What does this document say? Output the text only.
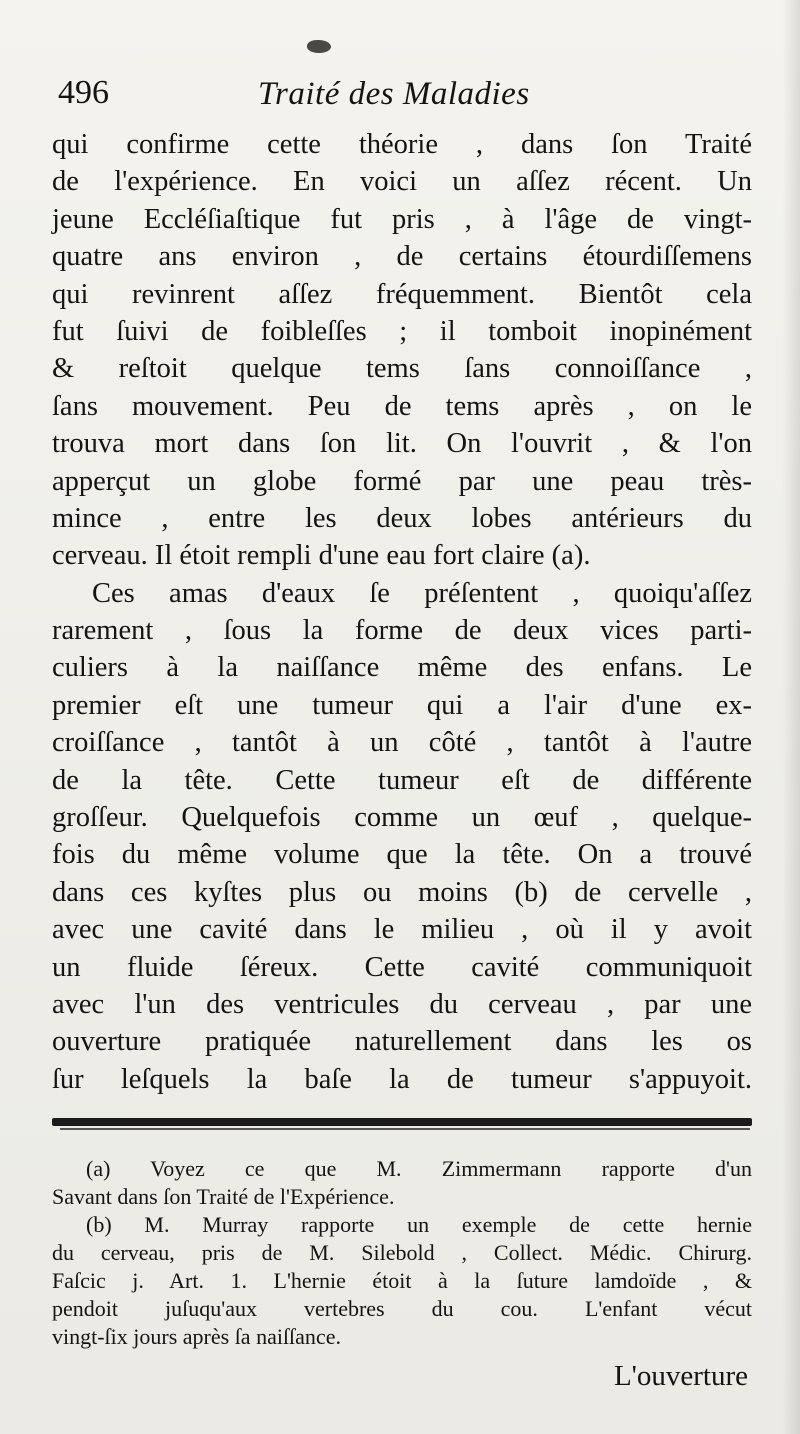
496	Traité des Maladies
qui confirme cette théorie , dans ſon Traité
de l'expérience. En voici un aſſez récent. Un
jeune Eccléſiaſtique fut pris , à l'âge de vingt-
quatre ans environ , de certains étourdiſſemens
qui revinrent aſſez fréquemment. Bientôt cela
fut ſuivi de foibleſſes ; il tomboit inopinément
& reſtoit quelque tems ſans connoiſſance ,
ſans mouvement. Peu de tems après , on le
trouva mort dans ſon lit. On l'ouvrit , & l'on
apperçut un globe formé par une peau très-
mince , entre les deux lobes antérieurs du
cerveau. Il étoit rempli d'une eau fort claire (a).
Ces amas d'eaux ſe préſentent , quoiqu'aſſez
rarement , ſous la forme de deux vices parti-
culiers à la naiſſance même des enfans. Le
premier eſt une tumeur qui a l'air d'une ex-
croiſſance , tantôt à un côté , tantôt à l'autre
de la tête. Cette tumeur eſt de différente
groſſeur. Quelquefois comme un œuf , quelque-
fois du même volume que la tête. On a trouvé
dans ces kyſtes plus ou moins (b) de cervelle ,
avec une cavité dans le milieu , où il y avoit
un fluide ſéreux. Cette cavité communiquoit
avec l'un des ventricules du cerveau , par une
ouverture pratiquée naturellement dans les os
ſur leſquels la baſe la de tumeur s'appuyoit.
(a) Voyez ce que M. Zimmermann rapporte d'un
Savant dans ſon Traité de l'Expérience.
(b) M. Murray rapporte un exemple de cette hernie
du cerveau, pris de M. Silebold , Collect. Médic. Chirurg.
Faſcic j. Art. 1. L'hernie étoit à la ſuture lamdoïde , &
pendoit juſuqu'aux vertebres du cou. L'enfant vécut
vingt-ſix jours après ſa naiſſance.
L'ouverture
